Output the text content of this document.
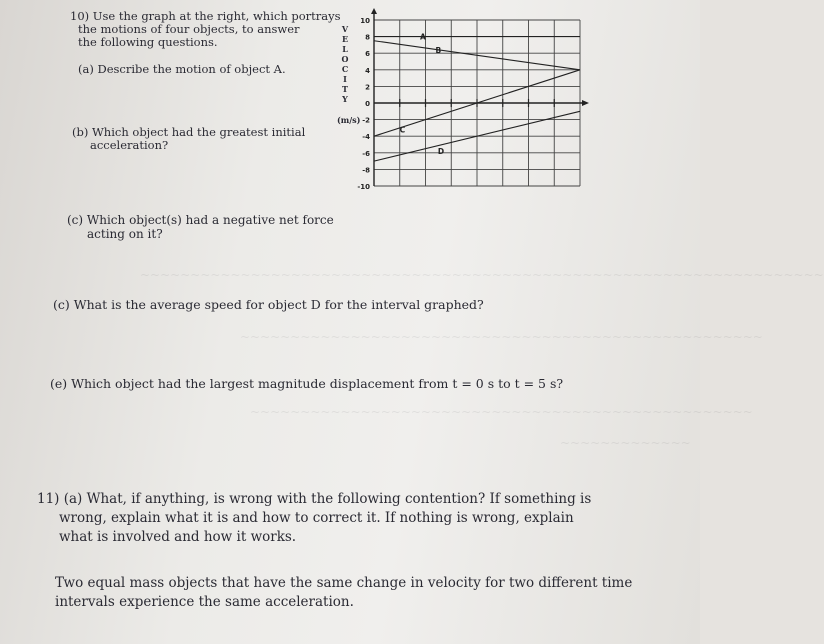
10) Use the graph at the right, which portrays
the motions of four objects, to answer
the following questions.
(a) Describe the motion of object A.
(b) Which object had the greatest initial
acceleration?
(c) Which object(s) had a negative net force
acting on it?
(c) What is the average speed for object D for the interval graphed?
(e) Which object had the largest magnitude displacement from t = 0 s to t = 5 s?
11) (a) What, if anything, is wrong with the following contention? If something is
wrong, explain what it is and how to correct it. If nothing is wrong, explain
what is involved and how it works.
Two equal mass objects that have the same change in velocity for two different time
intervals experience the same acceleration.
~~~~~~~~~~~~~~~~~~~~~~~~~~~~~~~~~~~~~~~~~~~~~~~~~~~~~~~~~~~~~~~~~~~~
~~~~~~~~~~~~~~~~~~~~~~~~~~~~~~~~~~~~~~~~~~~~~~~~~~~~
~~~~~~~~~~~~~~~~~~~~~~~~~~~~~~~~~~~~~~~~~~~~~~~~~~
~~~~~~~~~~~~~
V
E
L
O
C
I
T
Y
(m/s)
10
8
6
4
2
0
-2
-4
-6
-8
-10
A
B
C
D
